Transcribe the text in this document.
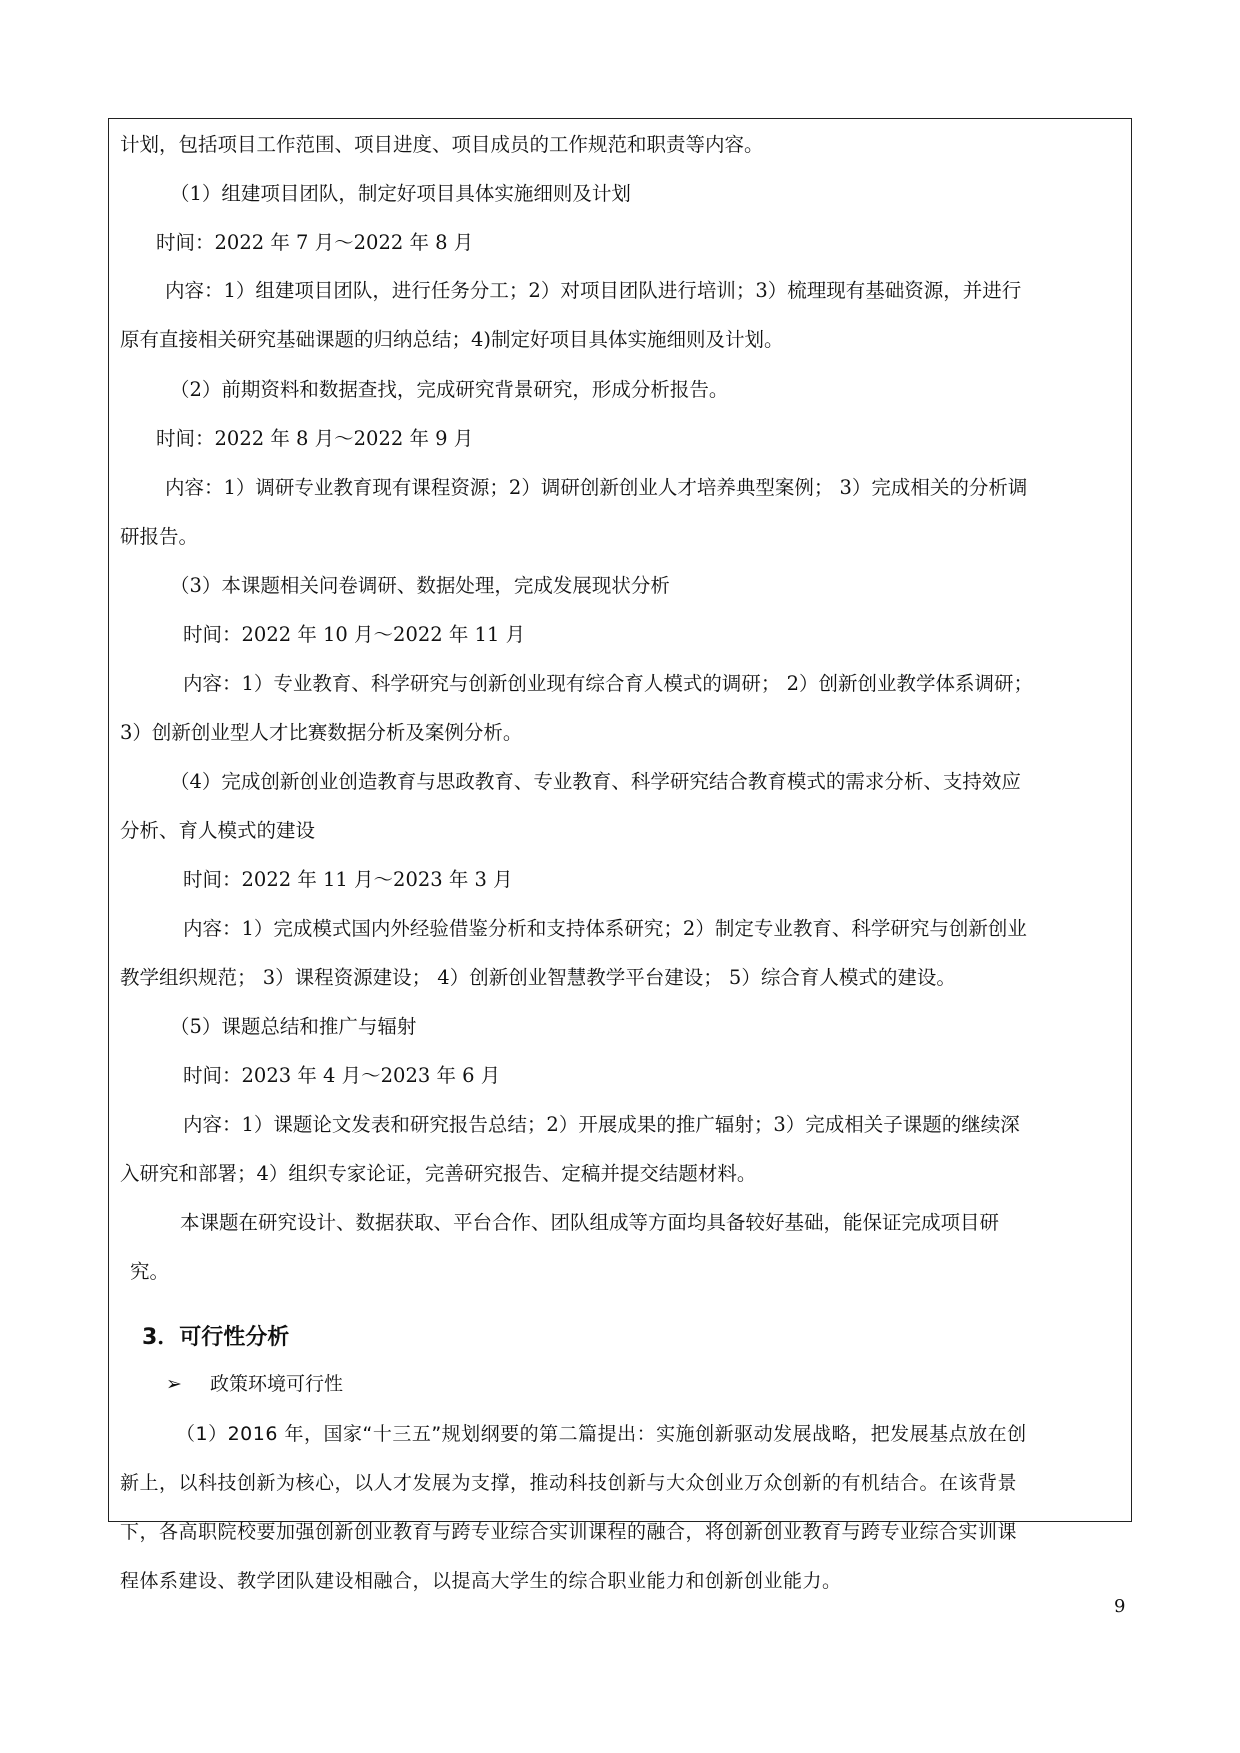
计划，包括项目工作范围、项目进度、项目成员的工作规范和职责等内容。
（1）组建项目团队，制定好项目具体实施细则及计划
时间：2022 年 7 月～2022 年 8 月
内容：1）组建项目团队，进行任务分工；2）对项目团队进行培训；3）梳理现有基础资源，并进行
原有直接相关研究基础课题的归纳总结；4)制定好项目具体实施细则及计划。
（2）前期资料和数据查找，完成研究背景研究，形成分析报告。
时间：2022 年 8 月～2022 年 9 月
内容：1）调研专业教育现有课程资源；2）调研创新创业人才培养典型案例； 3）完成相关的分析调
研报告。
（3）本课题相关问卷调研、数据处理，完成发展现状分析
时间：2022 年 10 月～2022 年 11 月
内容：1）专业教育、科学研究与创新创业现有综合育人模式的调研； 2）创新创业教学体系调研；
3）创新创业型人才比赛数据分析及案例分析。
（4）完成创新创业创造教育与思政教育、专业教育、科学研究结合教育模式的需求分析、支持效应
分析、育人模式的建设
时间：2022 年 11 月～2023 年 3 月
内容：1）完成模式国内外经验借鉴分析和支持体系研究；2）制定专业教育、科学研究与创新创业
教学组织规范； 3）课程资源建设； 4）创新创业智慧教学平台建设； 5）综合育人模式的建设。
（5）课题总结和推广与辐射
时间：2023 年 4 月～2023 年 6 月
内容：1）课题论文发表和研究报告总结；2）开展成果的推广辐射；3）完成相关子课题的继续深
入研究和部署；4）组织专家论证，完善研究报告、定稿并提交结题材料。
本课题在研究设计、数据获取、平台合作、团队组成等方面均具备较好基础，能保证完成项目研
究。
3．可行性分析
➢ 政策环境可行性
（1）2016 年，国家“十三五”规划纲要的第二篇提出：实施创新驱动发展战略，把发展基点放在创
新上，以科技创新为核心，以人才发展为支撑，推动科技创新与大众创业万众创新的有机结合。在该背景
下，各高职院校要加强创新创业教育与跨专业综合实训课程的融合，将创新创业教育与跨专业综合实训课
程体系建设、教学团队建设相融合，以提高大学生的综合职业能力和创新创业能力。
9
